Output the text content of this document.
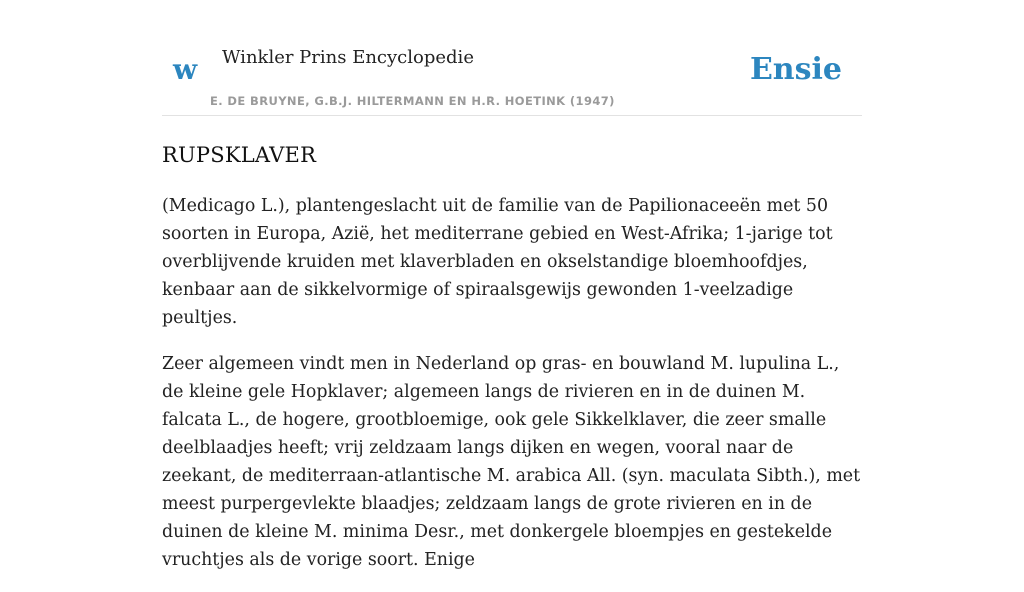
w Winkler Prins Encyclopedie
E. DE BRUYNE, G.B.J. HILTERMANN EN H.R. HOETINK (1947)
Ensie
RUPSKLAVER

(Medicago L.), plantengeslacht uit de familie van de Papilionaceeën met 50 soorten in Europa, Azië, het mediterrane gebied en West-Afrika; 1-jarige tot overblijvende kruiden met klaverbladen en okselstandige bloemhoofdjes, kenbaar aan de sikkelvormige of spiraalsgewijs gewonden 1-veelzadige peultjes.

Zeer algemeen vindt men in Nederland op gras- en bouwland M. lupulina L., de kleine gele Hopklaver; algemeen langs de rivieren en in de duinen M. falcata L., de hogere, grootbloemige, ook gele Sikkelklaver, die zeer smalle deelblaadjes heeft; vrij zeldzaam langs dijken en wegen, vooral naar de zeekant, de mediterraan-atlantische M. arabica All. (syn. maculata Sibth.), met meest purpergevlekte blaadjes; zeldzaam langs de grote rivieren en in de duinen de kleine M. minima Desr., met donkergele bloempjes en gestekelde vruchtjes als de vorige soort. Enige
